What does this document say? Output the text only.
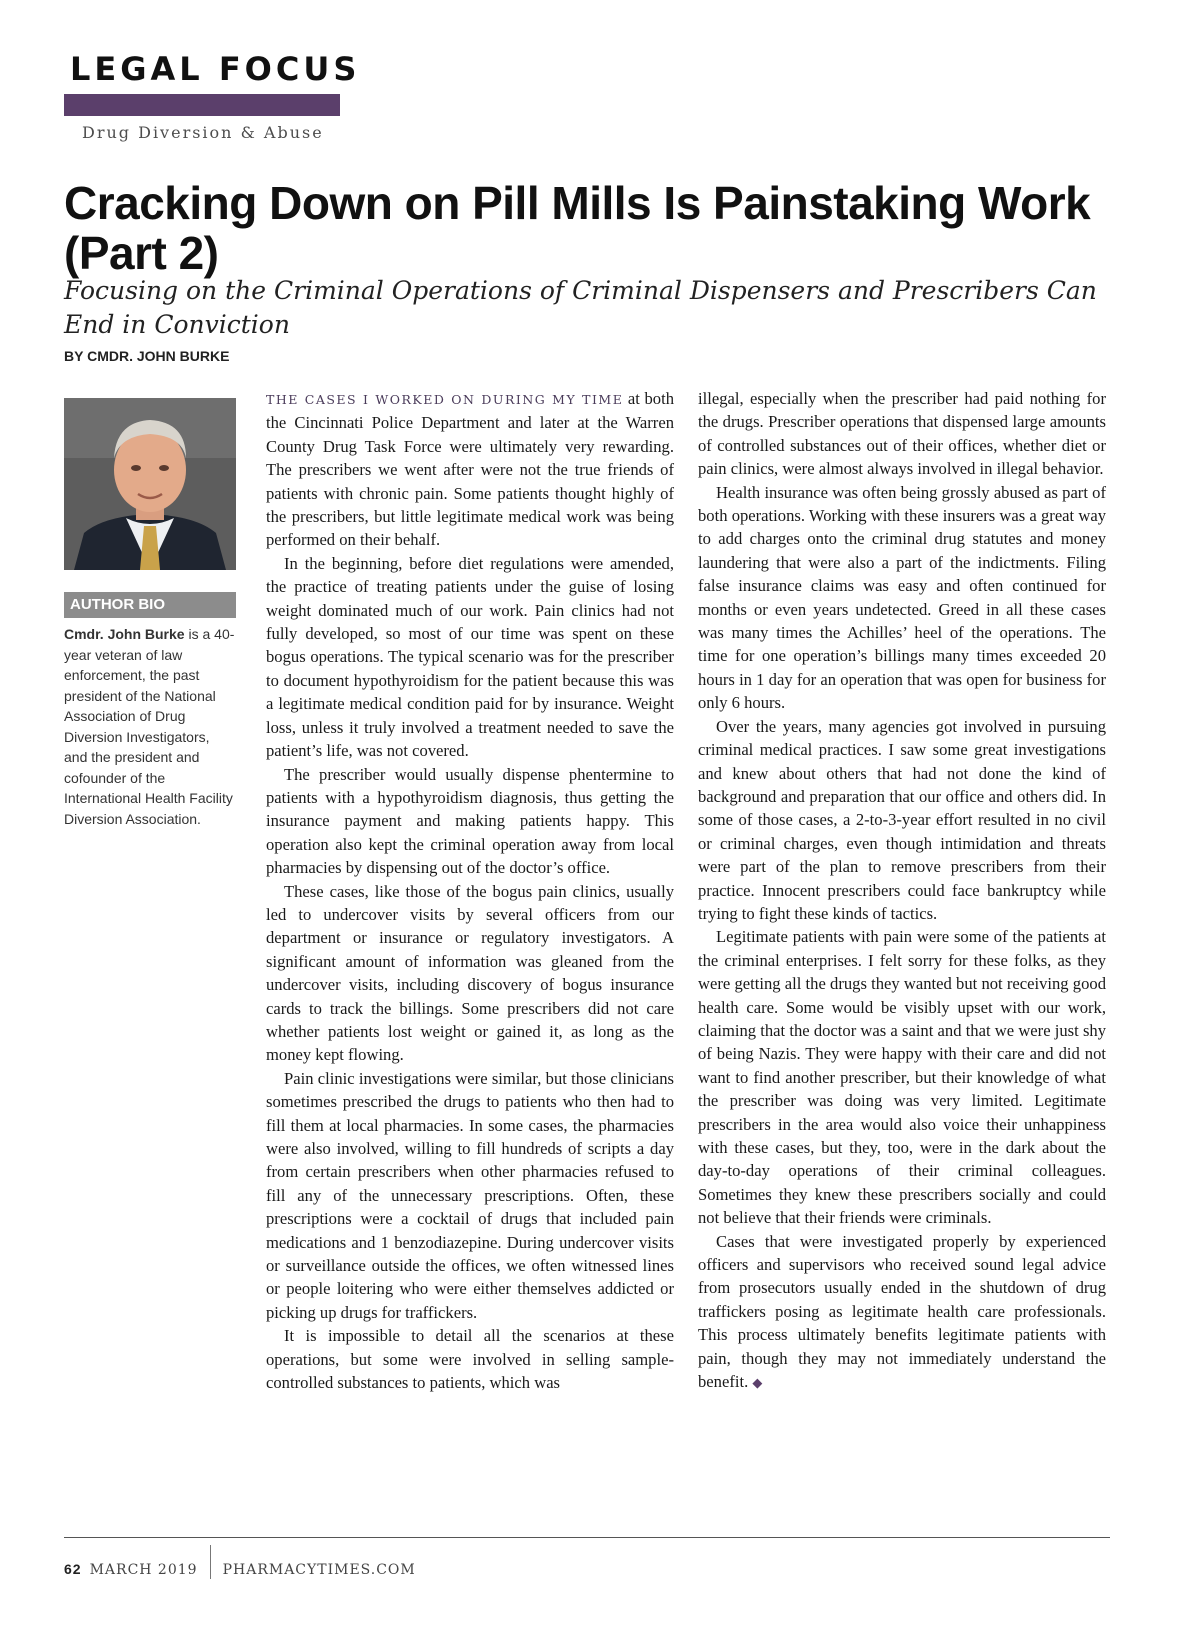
LEGAL FOCUS

Drug Diversion & Abuse

Cracking Down on Pill Mills Is Painstaking Work (Part 2)

Focusing on the Criminal Operations of Criminal Dispensers and Prescribers Can End in Conviction

BY CMDR. JOHN BURKE

AUTHOR BIO

Cmdr. John Burke is a 40-year veteran of law enforcement, the past president of the National Association of Drug Diversion Investigators, and the president and cofounder of the International Health Facility Diversion Association.

THE CASES I WORKED ON DURING MY TIME at both the Cincinnati Police Department and later at the Warren County Drug Task Force were ultimately very rewarding. The prescribers we went after were not the true friends of patients with chronic pain. Some patients thought highly of the prescribers, but little legitimate medical work was being performed on their behalf.

In the beginning, before diet regulations were amended, the practice of treating patients under the guise of losing weight dominated much of our work. Pain clinics had not fully developed, so most of our time was spent on these bogus operations. The typical scenario was for the prescriber to document hypothyroidism for the patient because this was a legitimate medical condition paid for by insurance. Weight loss, unless it truly involved a treatment needed to save the patient’s life, was not covered.

The prescriber would usually dispense phentermine to patients with a hypothyroidism diagnosis, thus getting the insurance payment and making patients happy. This operation also kept the criminal operation away from local pharmacies by dispensing out of the doctor’s office.

These cases, like those of the bogus pain clinics, usually led to undercover visits by several officers from our department or insurance or regulatory investigators. A significant amount of information was gleaned from the undercover visits, including discovery of bogus insurance cards to track the billings. Some prescribers did not care whether patients lost weight or gained it, as long as the money kept flowing.

Pain clinic investigations were similar, but those clinicians sometimes prescribed the drugs to patients who then had to fill them at local pharmacies. In some cases, the pharmacies were also involved, willing to fill hundreds of scripts a day from certain prescribers when other pharmacies refused to fill any of the unnecessary prescriptions. Often, these prescriptions were a cocktail of drugs that included pain medications and 1 benzodiazepine. During undercover visits or surveillance outside the offices, we often witnessed lines or people loitering who were either themselves addicted or picking up drugs for traffickers.

It is impossible to detail all the scenarios at these operations, but some were involved in selling sample-controlled substances to patients, which was

illegal, especially when the prescriber had paid nothing for the drugs. Prescriber operations that dispensed large amounts of controlled substances out of their offices, whether diet or pain clinics, were almost always involved in illegal behavior.

Health insurance was often being grossly abused as part of both operations. Working with these insurers was a great way to add charges onto the criminal drug statutes and money laundering that were also a part of the indictments. Filing false insurance claims was easy and often continued for months or even years undetected. Greed in all these cases was many times the Achilles’ heel of the operations. The time for one operation’s billings many times exceeded 20 hours in 1 day for an operation that was open for business for only 6 hours.

Over the years, many agencies got involved in pursuing criminal medical practices. I saw some great investigations and knew about others that had not done the kind of background and preparation that our office and others did. In some of those cases, a 2-to-3-year effort resulted in no civil or criminal charges, even though intimidation and threats were part of the plan to remove prescribers from their practice. Innocent prescribers could face bankruptcy while trying to fight these kinds of tactics.

Legitimate patients with pain were some of the patients at the criminal enterprises. I felt sorry for these folks, as they were getting all the drugs they wanted but not receiving good health care. Some would be visibly upset with our work, claiming that the doctor was a saint and that we were just shy of being Nazis. They were happy with their care and did not want to find another prescriber, but their knowledge of what the prescriber was doing was very limited. Legitimate prescribers in the area would also voice their unhappiness with these cases, but they, too, were in the dark about the day-to-day operations of their criminal colleagues. Sometimes they knew these prescribers socially and could not believe that their friends were criminals.

Cases that were investigated properly by experienced officers and supervisors who received sound legal advice from prosecutors usually ended in the shutdown of drug traffickers posing as legitimate health care professionals. This process ultimately benefits legitimate patients with pain, though they may not immediately understand the benefit. ◆

62 MARCH 2019 PHARMACYTIMES.COM
